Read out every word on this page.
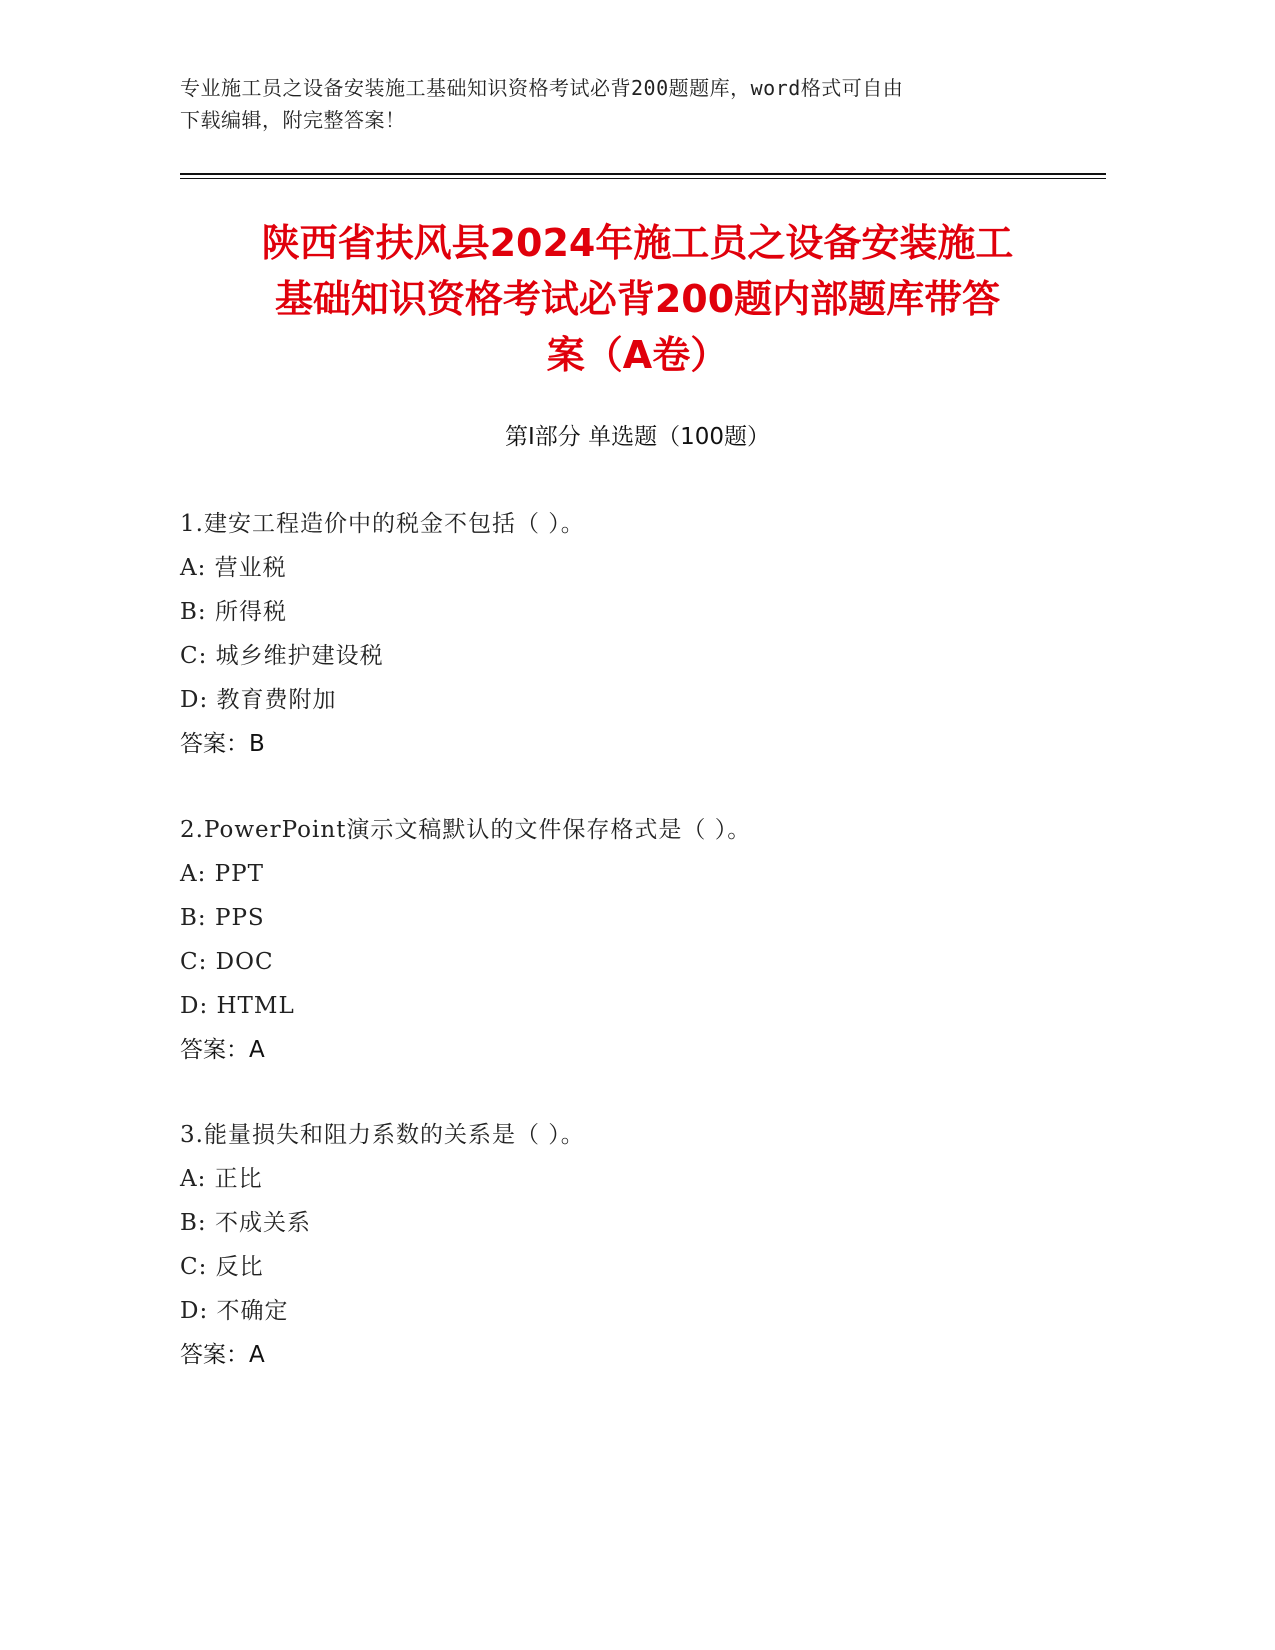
专业施工员之设备安装施工基础知识资格考试必背200题题库，word格式可自由
下载编辑，附完整答案！
陕西省扶风县2024年施工员之设备安装施工
基础知识资格考试必背200题内部题库带答
案（A卷）
第Ⅰ部分 单选题（100题）
1.建安工程造价中的税金不包括（ ）。
A: 营业税
B: 所得税
C: 城乡维护建设税
D: 教育费附加
答案：B
2.PowerPoint演示文稿默认的文件保存格式是（ ）。
A: PPT
B: PPS
C: DOC
D: HTML
答案：A
3.能量损失和阻力系数的关系是（ ）。
A: 正比
B: 不成关系
C: 反比
D: 不确定
答案：A
